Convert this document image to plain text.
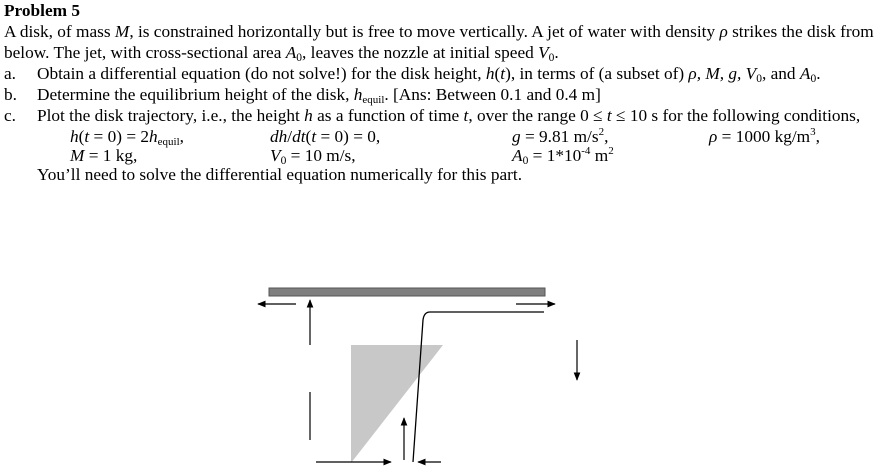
Problem 5

A disk, of mass M, is constrained horizontally but is free to move vertically. A jet of water with density ρ strikes the disk from below. The jet, with cross-sectional area $A_0$, leaves the nozzle at initial speed $V_0$.

a. Obtain a differential equation (do not solve!) for the disk height, h(t), in terms of (a subset of) ρ, M, g, $V_0$, and $A_0$.
b. Determine the equilibrium height of the disk, $h_{equil}$. [Ans: Between 0.1 and 0.4 m]
c. Plot the disk trajectory, i.e., the height h as a function of time t, over the range 0 ≤ t ≤ 10 s for the following conditions,
$h(t = 0) = 2h_{equil}$,	dh/dt(t = 0) = 0,	g = 9.81 $m/s^2$,	ρ = 1000 $kg/m^3$,
M = 1 kg,	$V_0 = 10$ m/s,	$A_0 = 1*10^{-4}$ $m^2$
You’ll need to solve the differential equation numerically for this part.
